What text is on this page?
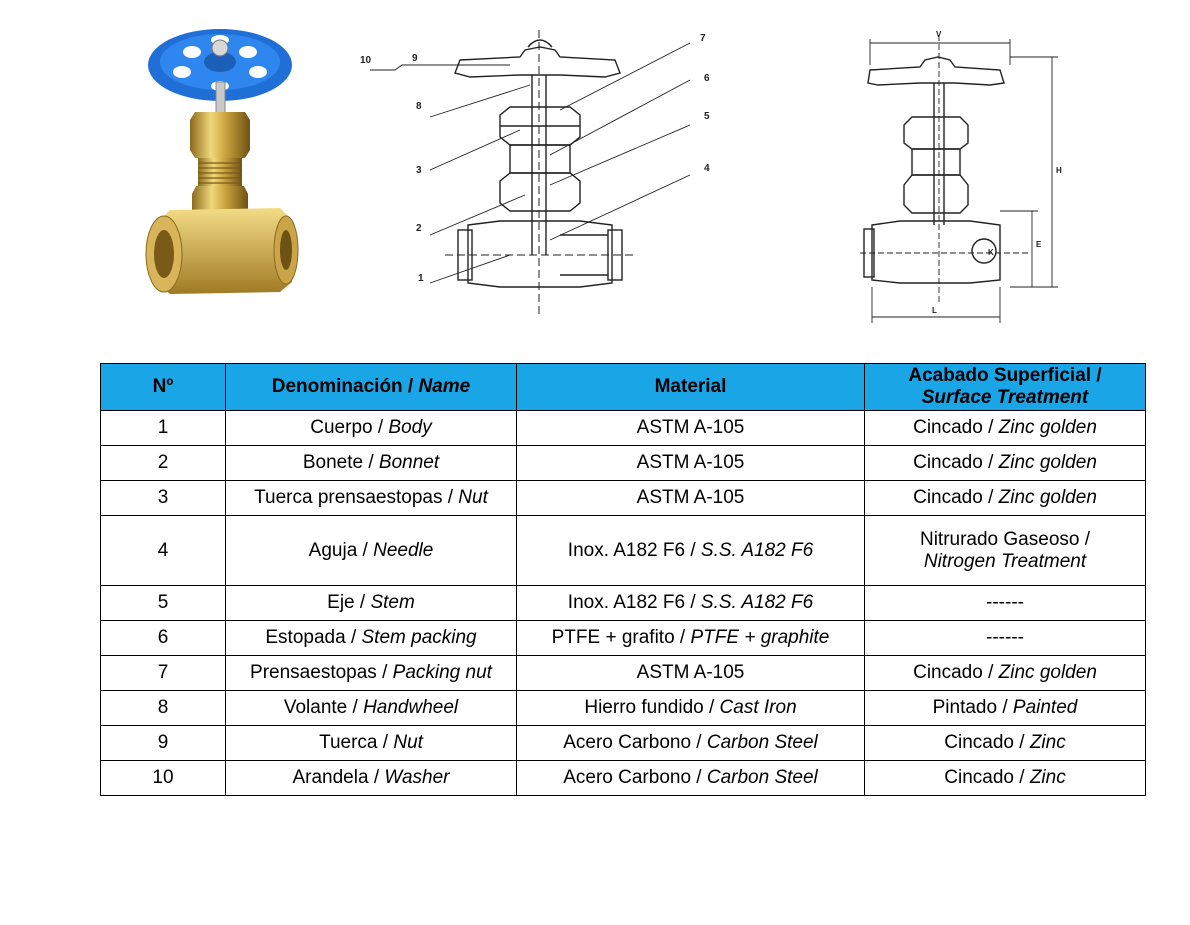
10	9
8
3
2
1
7
6
5
4
V
H
E
K
L
Nº	Denominación / Name	Material	Acabado Superficial /
Surface Treatment
1	Cuerpo / Body	ASTM A-105	Cincado / Zinc golden
2	Bonete / Bonnet	ASTM A-105	Cincado / Zinc golden
3	Tuerca prensaestopas / Nut	ASTM A-105	Cincado / Zinc golden
4	Aguja / Needle	Inox. A182 F6 / S.S. A182 F6	Nitrurado Gaseoso /
Nitrogen Treatment
5	Eje / Stem	Inox. A182 F6 / S.S. A182 F6	------
6	Estopada / Stem packing	PTFE + grafito / PTFE + graphite	------
7	Prensaestopas / Packing nut	ASTM A-105	Cincado / Zinc golden
8	Volante / Handwheel	Hierro fundido / Cast Iron	Pintado / Painted
9	Tuerca / Nut	Acero Carbono / Carbon Steel	Cincado / Zinc
10	Arandela / Washer	Acero Carbono / Carbon Steel	Cincado / Zinc
